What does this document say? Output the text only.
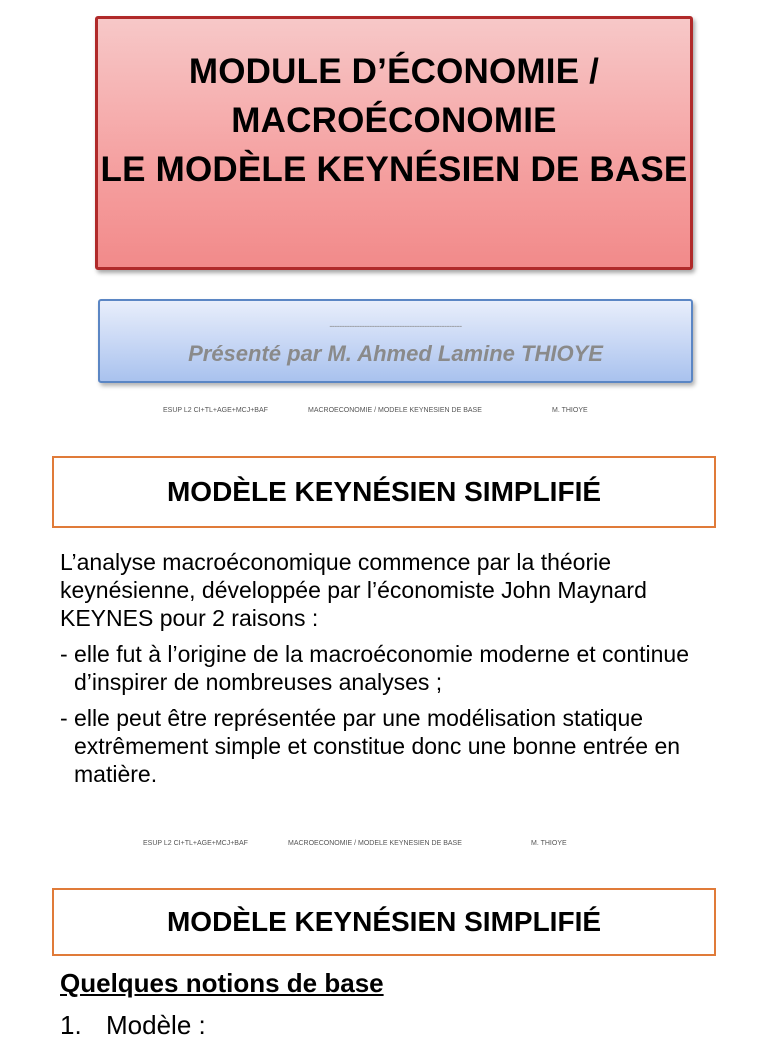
MODULE D’ÉCONOMIE /
MACROÉCONOMIE
LE MODÈLE KEYNÉSIEN DE BASE
-----------------------------------------------------
Présenté par M. Ahmed Lamine THIOYE
ESUP L2 CI+TL+AGE+MCJ+BAF	MACROECONOMIE / MODELE KEYNESIEN DE BASE	M. THIOYE
MODÈLE KEYNÉSIEN SIMPLIFIÉ

L’analyse macroéconomique commence par la théorie keynésienne, développée par l’économiste John Maynard KEYNES pour 2 raisons :

- elle fut à l’origine de la macroéconomie moderne et continue d’inspirer de nombreuses analyses ;

- elle peut être représentée par une modélisation statique extrêmement simple et constitue donc une bonne entrée en matière.

ESUP L2 CI+TL+AGE+MCJ+BAF	MACROECONOMIE / MODELE KEYNESIEN DE BASE	M. THIOYE
MODÈLE KEYNÉSIEN SIMPLIFIÉ
Quelques notions de base
1. Modèle :
